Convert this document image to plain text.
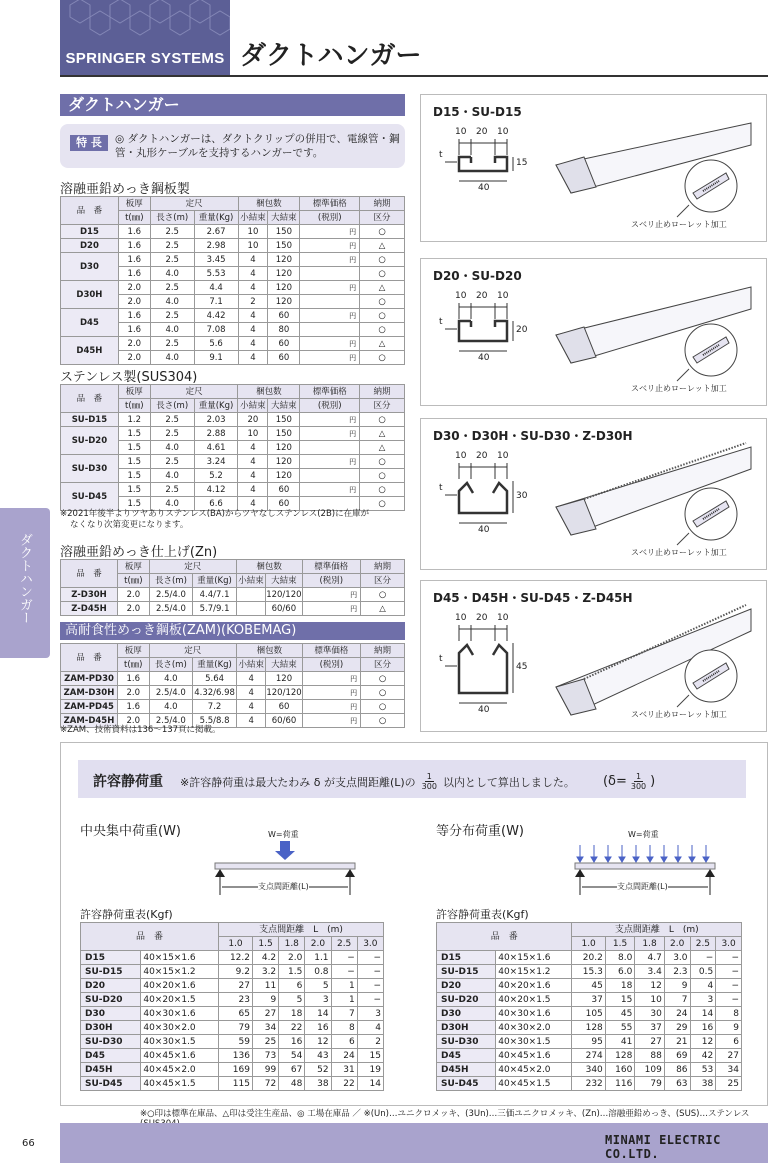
SPRINGER SYSTEMS ダクトハンガー
ダクトハンガー
ダクトハンガー
特 長	◎ ダクトハンガーは、ダクトクリップの併用で、電線管・鋼管・丸形ケーブルを支持するハンガーです。
溶融亜鉛めっき鋼板製
品　番	板厚	定尺		梱包数		標準価格	納期
	t(㎜)	長さ(m)	重量(Kg)	小結束	大結束	(税別)	区分
D15	1.6	2.5	2.67	10	150	円	○
D20	1.6	2.5	2.98	10	150	円	△
D30	1.6	2.5	3.45	4	120	円	○
	1.6	4.0	5.53	4	120		○
D30H	2.0	2.5	4.4	4	120	円	△
	2.0	4.0	7.1	2	120		○
D45	1.6	2.5	4.42	4	60	円	○
	1.6	4.0	7.08	4	80		○
D45H	2.0	2.5	5.6	4	60	円	△
	2.0	4.0	9.1	4	60	円	○
ステンレス製(SUS304)
品　番	板厚	定尺		梱包数		標準価格	納期
	t(㎜)	長さ(m)	重量(Kg)	小結束	大結束	(税別)	区分
SU-D15	1.2	2.5	2.03	20	150	円	○
SU-D20	1.5	2.5	2.88	10	150	円	△
	1.5	4.0	4.61	4	120		△
SU-D30	1.5	2.5	3.24	4	120	円	○
	1.5	4.0	5.2	4	120		○
SU-D45	1.5	2.5	4.12	4	60	円	○
	1.5	4.0	6.6	4	60		○
※2021年後半よりツヤありステンレス(BA)からツヤなしステンレス(2B)に在庫が
なくなり次第変更になります。
溶融亜鉛めっき仕上げ(Zn)
品　番	板厚	定尺		梱包数		標準価格	納期
	t(㎜)	長さ(m)	重量(Kg)	小結束	大結束	(税別)	区分
Z-D30H	2.0	2.5/4.0	4.4/7.1		120/120	円	○
Z-D45H	2.0	2.5/4.0	5.7/9.1		60/60	円	△
高耐食性めっき鋼板(ZAM)(KOBEMAG)
品　番	板厚	定尺		梱包数		標準価格	納期
	t(㎜)	長さ(m)	重量(Kg)	小結束	大結束	(税別)	区分
ZAM-PD30	1.6	4.0	5.64	4	120	円	○
ZAM-D30H	2.0	2.5/4.0	4.32/6.98	4	120/120	円	○
ZAM-PD45	1.6	4.0	7.2	4	60	円	○
ZAM-D45H	2.0	2.5/4.0	5.5/8.8	4	60/60	円	○
※ZAM、技術資料は136〜137頁に掲載。
D15・SU-D15
10 20 10
15
40
t
スベリ止めローレット加工
D20・SU-D20
10 20 10
20
40
t
スベリ止めローレット加工
D30・D30H・SU-D30・Z-D30H
10 20 10
30
40
t
スベリ止めローレット加工
D45・D45H・SU-D45・Z-D45H
10 20 10
45
40
t
スベリ止めローレット加工
許容静荷重 ※許容静荷重は最大たわみ δ が支点間距離(L)の $\frac{1}{300}$ 以内として算出しました。 ($\delta= \frac{1}{300}$ )
中央集中荷重(W)	等分布荷重(W)
W=荷重
支点間距離(L)
W=荷重
支点間距離(L)
許容静荷重表(Kgf)	許容静荷重表(Kgf)
品　番		支点間距離　L　(m)					
		1.0	1.5	1.8	2.0	2.5	3.0
D15	40×15×1.6	12.2	4.2	2.0	1.1	−	−
SU-D15	40×15×1.2	9.2	3.2	1.5	0.8	−	−
D20	40×20×1.6	27	11	6	5	1	−
SU-D20	40×20×1.5	23	9	5	3	1	−
D30	40×30×1.6	65	27	18	14	7	3
D30H	40×30×2.0	79	34	22	16	8	4
SU-D30	40×30×1.5	59	25	16	12	6	2
D45	40×45×1.6	136	73	54	43	24	15
D45H	40×45×2.0	169	99	67	52	31	19
SU-D45	40×45×1.5	115	72	48	38	22	14
品　番		支点間距離　L　(m)					
		1.0	1.5	1.8	2.0	2.5	3.0
D15	40×15×1.6	20.2	8.0	4.7	3.0	−	−
SU-D15	40×15×1.2	15.3	6.0	3.4	2.3	0.5	−
D20	40×20×1.6	45	18	12	9	4	−
SU-D20	40×20×1.5	37	15	10	7	3	−
D30	40×30×1.6	105	45	30	24	14	8
D30H	40×30×2.0	128	55	37	29	16	9
SU-D30	40×30×1.5	95	41	27	21	12	6
D45	40×45×1.6	274	128	88	69	42	27
D45H	40×45×2.0	340	160	109	86	53	34
SU-D45	40×45×1.5	232	116	79	63	38	25
※○印は標準在庫品、△印は受注生産品、◎ 工場在庫品 ／ ※(Un)…ユニクロメッキ、(3Un)…三価ユニクロメッキ、(Zn)…溶融亜鉛めっき、(SUS)…ステンレス
MINAMI ELECTRIC CO.LTD.
66
